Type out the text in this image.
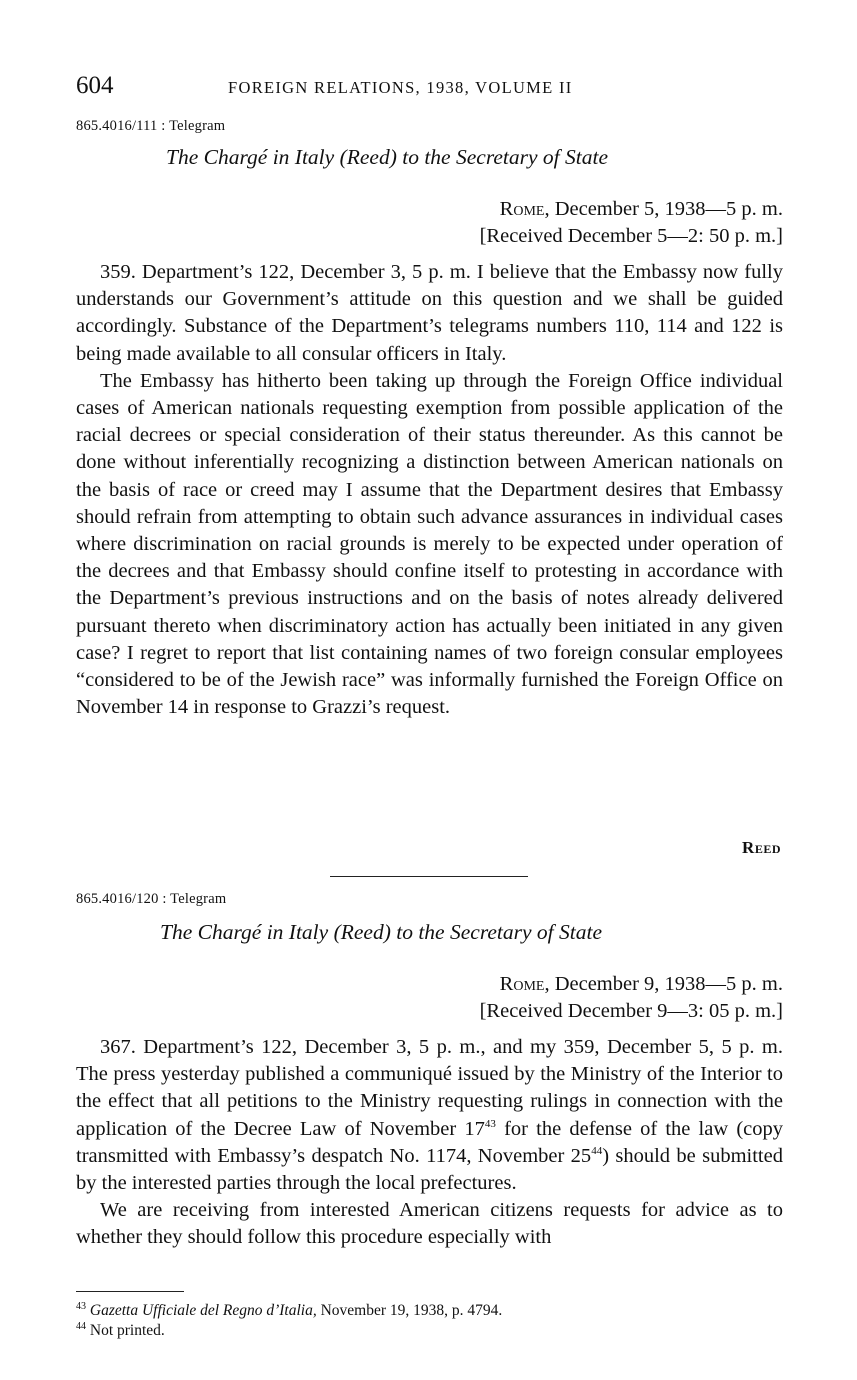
604	FOREIGN RELATIONS, 1938, VOLUME II
865.4016/111 : Telegram
The Chargé in Italy (Reed) to the Secretary of State
Rome, December 5, 1938—5 p. m.
[Received December 5—2: 50 p. m.]

359. Department’s 122, December 3, 5 p. m. I believe that the Embassy now fully understands our Government’s attitude on this question and we shall be guided accordingly. Substance of the Department’s telegrams numbers 110, 114 and 122 is being made available to all consular officers in Italy.

The Embassy has hitherto been taking up through the Foreign Office individual cases of American nationals requesting exemption from possible application of the racial decrees or special consideration of their status thereunder. As this cannot be done without inferentially recognizing a distinction between American nationals on the basis of race or creed may I assume that the Department desires that Embassy should refrain from attempting to obtain such advance assurances in individual cases where discrimination on racial grounds is merely to be expected under operation of the decrees and that Embassy should confine itself to protesting in accordance with the Department’s previous instructions and on the basis of notes already delivered pursuant thereto when discriminatory action has actually been initiated in any given case? I regret to report that list containing names of two foreign consular employees “considered to be of the Jewish race” was informally furnished the Foreign Office on November 14 in response to Grazzi’s request.

Reed
865.4016/120 : Telegram
The Chargé in Italy (Reed) to the Secretary of State
Rome, December 9, 1938—5 p. m.
[Received December 9—3: 05 p. m.]

367. Department’s 122, December 3, 5 p. m., and my 359, December 5, 5 p. m. The press yesterday published a communiqué issued by the Ministry of the Interior to the effect that all petitions to the Ministry requesting rulings in connection with the application of the Decree Law of November $17^{43}$ for the defense of the law (copy transmitted with Embassy’s despatch No. 1174, November $25^{44}$) should be submitted by the interested parties through the local prefectures.

We are receiving from interested American citizens requests for advice as to whether they should follow this procedure especially with

$^{43}$ Gazetta Ufficiale del Regno d’Italia, November 19, 1938, p. 4794.

$^{44}$ Not printed.
